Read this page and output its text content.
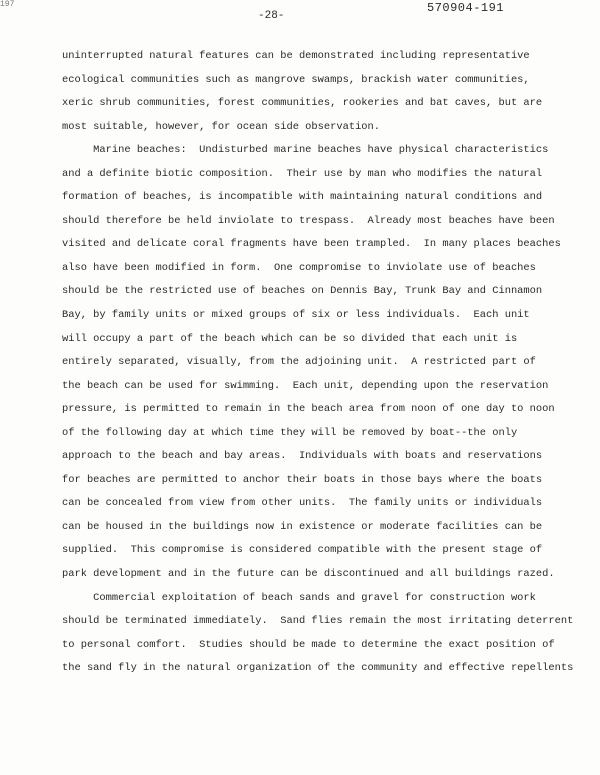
197
-28-
570904-191
uninterrupted natural features can be demonstrated including representative
ecological communities such as mangrove swamps, brackish water communities,
xeric shrub communities, forest communities, rookeries and bat caves, but are
most suitable, however, for ocean side observation.
Marine beaches:  Undisturbed marine beaches have physical characteristics
and a definite biotic composition.  Their use by man who modifies the natural
formation of beaches, is incompatible with maintaining natural conditions and
should therefore be held inviolate to trespass.  Already most beaches have been
visited and delicate coral fragments have been trampled.  In many places beaches
also have been modified in form.  One compromise to inviolate use of beaches
should be the restricted use of beaches on Dennis Bay, Trunk Bay and Cinnamon
Bay, by family units or mixed groups of six or less individuals.  Each unit
will occupy a part of the beach which can be so divided that each unit is
entirely separated, visually, from the adjoining unit.  A restricted part of
the beach can be used for swimming.  Each unit, depending upon the reservation
pressure, is permitted to remain in the beach area from noon of one day to noon
of the following day at which time they will be removed by boat--the only
approach to the beach and bay areas.  Individuals with boats and reservations
for beaches are permitted to anchor their boats in those bays where the boats
can be concealed from view from other units.  The family units or individuals
can be housed in the buildings now in existence or moderate facilities can be
supplied.  This compromise is considered compatible with the present stage of
park development and in the future can be discontinued and all buildings razed.
Commercial exploitation of beach sands and gravel for construction work
should be terminated immediately.  Sand flies remain the most irritating deterrent
to personal comfort.  Studies should be made to determine the exact position of
the sand fly in the natural organization of the community and effective repellents
